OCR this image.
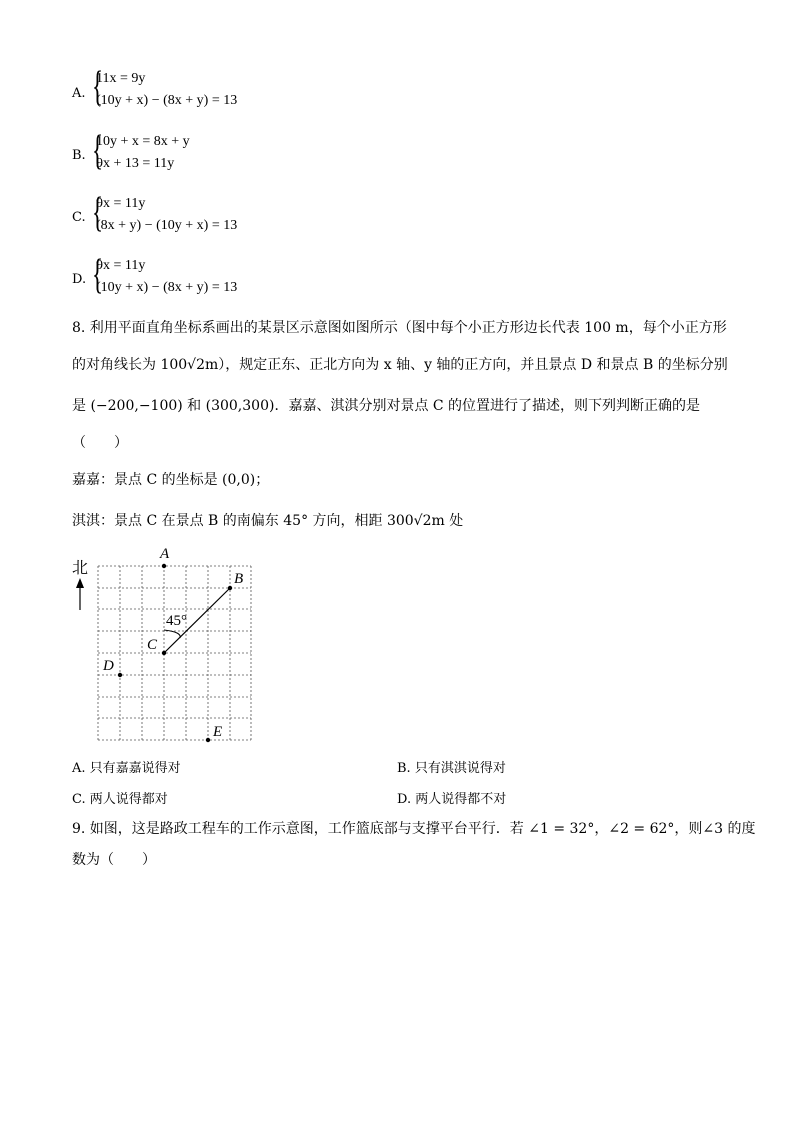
A. {
11x = 9y
(10y + x) − (8x + y) = 13
B. {
10y + x = 8x + y
9x + 13 = 11y
C. {
9x = 11y
(8x + y) − (10y + x) = 13
D. {
9x = 11y
(10y + x) − (8x + y) = 13
8. 利用平面直角坐标系画出的某景区示意图如图所示（图中每个小正方形边长代表 100 m，每个小正方形
的对角线长为 100√2m），规定正东、正北方向为 x 轴、y 轴的正方向，并且景点 D 和景点 B 的坐标分别
是 (−200,−100) 和 (300,300)．嘉嘉、淇淇分别对景点 C 的位置进行了描述，则下列判断正确的是
（　　）
嘉嘉：景点 C 的坐标是 (0,0)；
淇淇：景点 C 在景点 B 的南偏东 45° 方向，相距 300√2m 处
北
45°
A
B
C
D
E
A. 只有嘉嘉说得对	B. 只有淇淇说得对
C. 两人说得都对	D. 两人说得都不对
9. 如图，这是路政工程车的工作示意图，工作篮底部与支撑平台平行．若 ∠1 = 32°，∠2 = 62°，则∠3 的度
数为（　　）
